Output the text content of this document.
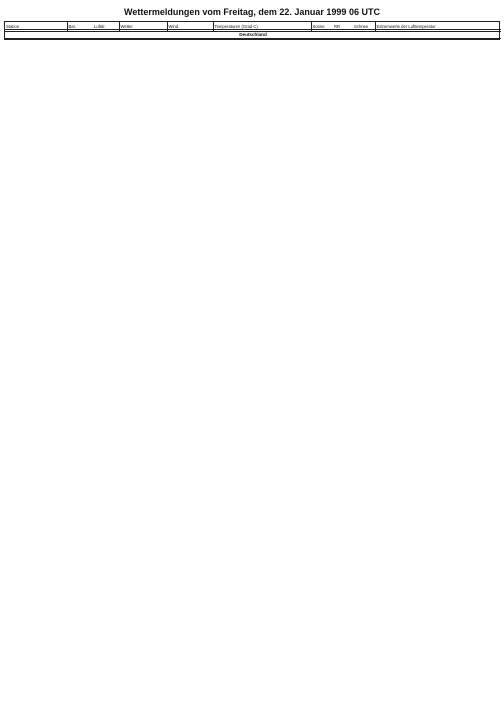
Wettermeldungen vom Freitag, dem 22. Januar 1999 06 UTC
Station	Bar.	Luftdr.	Wetter	Wind	Temperaturen (Grad C)	Sonne	RR	Schnee	Extremwerte der Lufttemperatur

Deutschland									
